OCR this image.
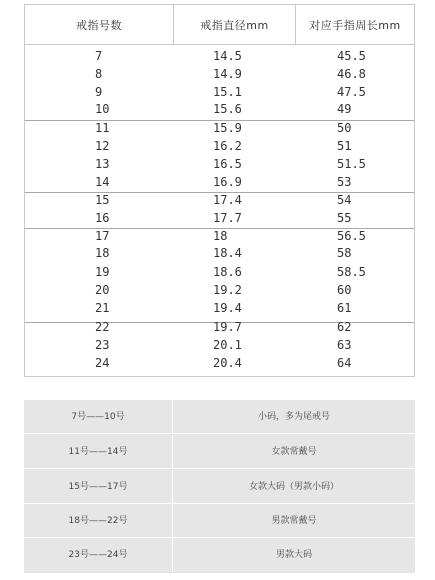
戒指号数	戒指直径mm	对应手指周长mm
7	14.5	45.5
8	14.9	46.8
9	15.1	47.5
10	15.6	49
11	15.9	50
12	16.2	51
13	16.5	51.5
14	16.9	53
15	17.4	54
16	17.7	55
17	18	56.5
18	18.4	58
19	18.6	58.5
20	19.2	60
21	19.4	61
22	19.7	62
23	20.1	63
24	20.4	64
7号——10号	小码，多为尾戒号
11号——14号	女款常戴号
15号——17号	女款大码（男款小码）
18号——22号	男款常戴号
23号——24号	男款大码
